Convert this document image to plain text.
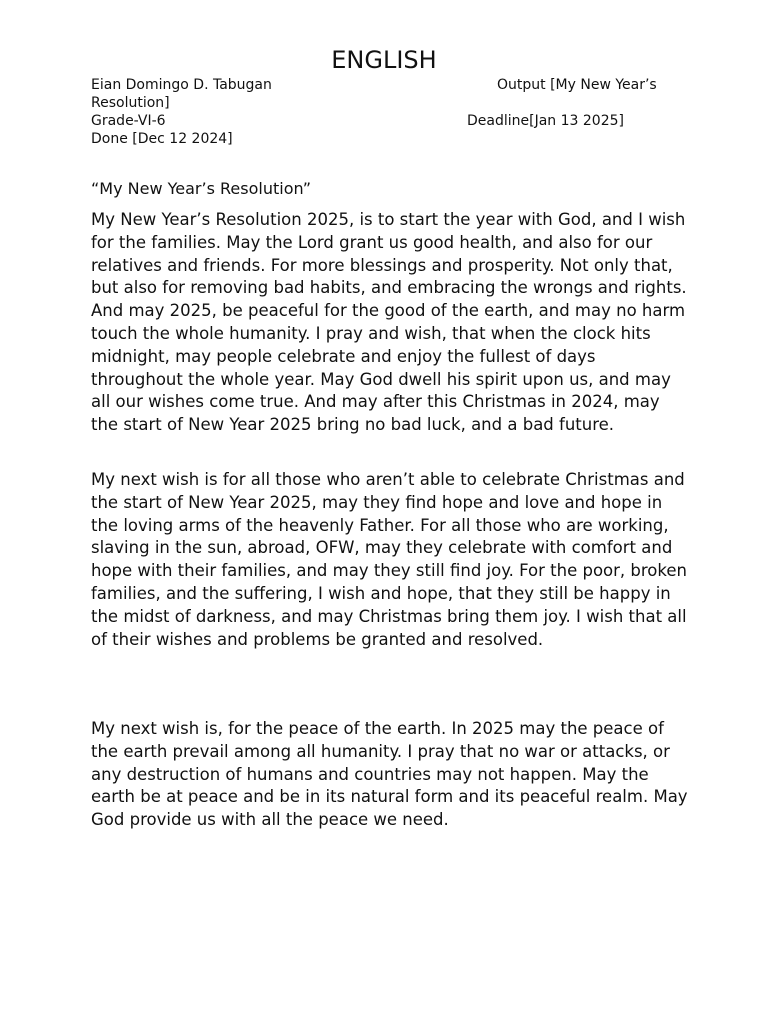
ENGLISH

Eian Domingo D. Tabugan	Output [My New Year’s

Resolution]

Grade-VI-6	Deadline[Jan 13 2025]

Done [Dec 12 2024]

“My New Year’s Resolution”

My New Year’s Resolution 2025, is to start the year with God, and I wish for the families. May the Lord grant us good health, and also for our relatives and friends. For more blessings and prosperity. Not only that, but also for removing bad habits, and embracing the wrongs and rights. And may 2025, be peaceful for the good of the earth, and may no harm touch the whole humanity. I pray and wish, that when the clock hits midnight, may people celebrate and enjoy the fullest of days throughout the whole year. May God dwell his spirit upon us, and may all our wishes come true. And may after this Christmas in 2024, may the start of New Year 2025 bring no bad luck, and a bad future.

My next wish is for all those who aren’t able to celebrate Christmas and the start of New Year 2025, may they find hope and love and hope in the loving arms of the heavenly Father. For all those who are working, slaving in the sun, abroad, OFW, may they celebrate with comfort and hope with their families, and may they still find joy. For the poor, broken families, and the suffering, I wish and hope, that they still be happy in the midst of darkness, and may Christmas bring them joy. I wish that all of their wishes and problems be granted and resolved.

My next wish is, for the peace of the earth. In 2025 may the peace of the earth prevail among all humanity. I pray that no war or attacks, or any destruction of humans and countries may not happen. May the earth be at peace and be in its natural form and its peaceful realm. May God provide us with all the peace we need.
